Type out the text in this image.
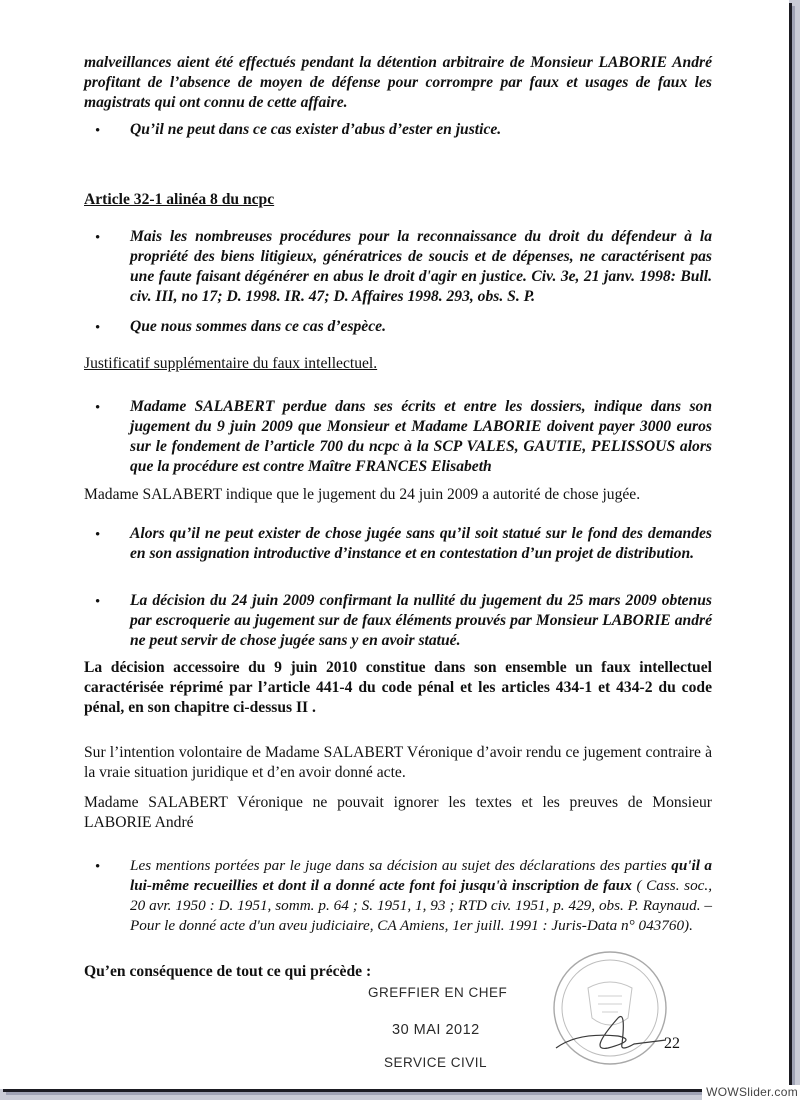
malveillances aient été effectués pendant la détention arbitraire de Monsieur LABORIE André profitant de l’absence de moyen de défense pour corrompre par faux et usages de faux les magistrats qui ont connu de cette affaire.
•	Qu’il ne peut dans ce cas exister d’abus d’ester en justice.
Article 32-1 alinéa 8 du ncpc
•	Mais les nombreuses procédures pour la reconnaissance du droit du défendeur à la propriété des biens litigieux, génératrices de soucis et de dépenses, ne caractérisent pas une faute faisant dégénérer en abus le droit d'agir en justice. Civ. 3e, 21 janv. 1998: Bull. civ. III, no 17; D. 1998. IR. 47; D. Affaires 1998. 293, obs. S. P.
•	Que nous sommes dans ce cas d’espèce.
Justificatif supplémentaire du faux intellectuel.
•	Madame SALABERT perdue dans ses écrits et entre les dossiers, indique dans son jugement du 9 juin 2009 que Monsieur et Madame LABORIE doivent payer 3000 euros sur le fondement de l’article 700 du ncpc à la SCP VALES, GAUTIE, PELISSOUS alors que la procédure est contre Maître FRANCES Elisabeth
Madame SALABERT indique que le jugement du 24 juin 2009 a autorité de chose jugée.
•	Alors qu’il ne peut exister de chose jugée sans qu’il soit statué sur le fond des demandes en son assignation introductive d’instance et en contestation d’un projet de distribution.
•	La décision du 24 juin 2009 confirmant la nullité du jugement du 25 mars 2009 obtenus par escroquerie au jugement sur de faux éléments prouvés par Monsieur LABORIE andré ne peut servir de chose jugée sans y en avoir statué.
La décision accessoire du 9 juin 2010 constitue dans son ensemble un faux intellectuel caractérisée réprimé par l’article 441-4 du code pénal et les articles 434-1 et 434-2 du code pénal, en son chapitre ci-dessus II .
Sur l’intention volontaire de Madame SALABERT Véronique d’avoir rendu ce jugement contraire à la vraie situation juridique et d’en avoir donné acte.
Madame SALABERT Véronique ne pouvait ignorer les textes et les preuves de Monsieur LABORIE André
•	Les mentions portées par le juge dans sa décision au sujet des déclarations des parties qu'il a lui-même recueillies et dont il a donné acte font foi jusqu'à inscription de faux ( Cass. soc., 20 avr. 1950 : D. 1951, somm. p. 64 ; S. 1951, 1, 93 ; RTD civ. 1951, p. 429, obs. P. Raynaud. – Pour le donné acte d'un aveu judiciaire, CA Amiens, 1er juill. 1991 : Juris-Data n° 043760).
Qu’en conséquence de tout ce qui précède :
GREFFIER EN CHEF
30 MAI 2012
SERVICE CIVIL
22
WOWSlider.com
